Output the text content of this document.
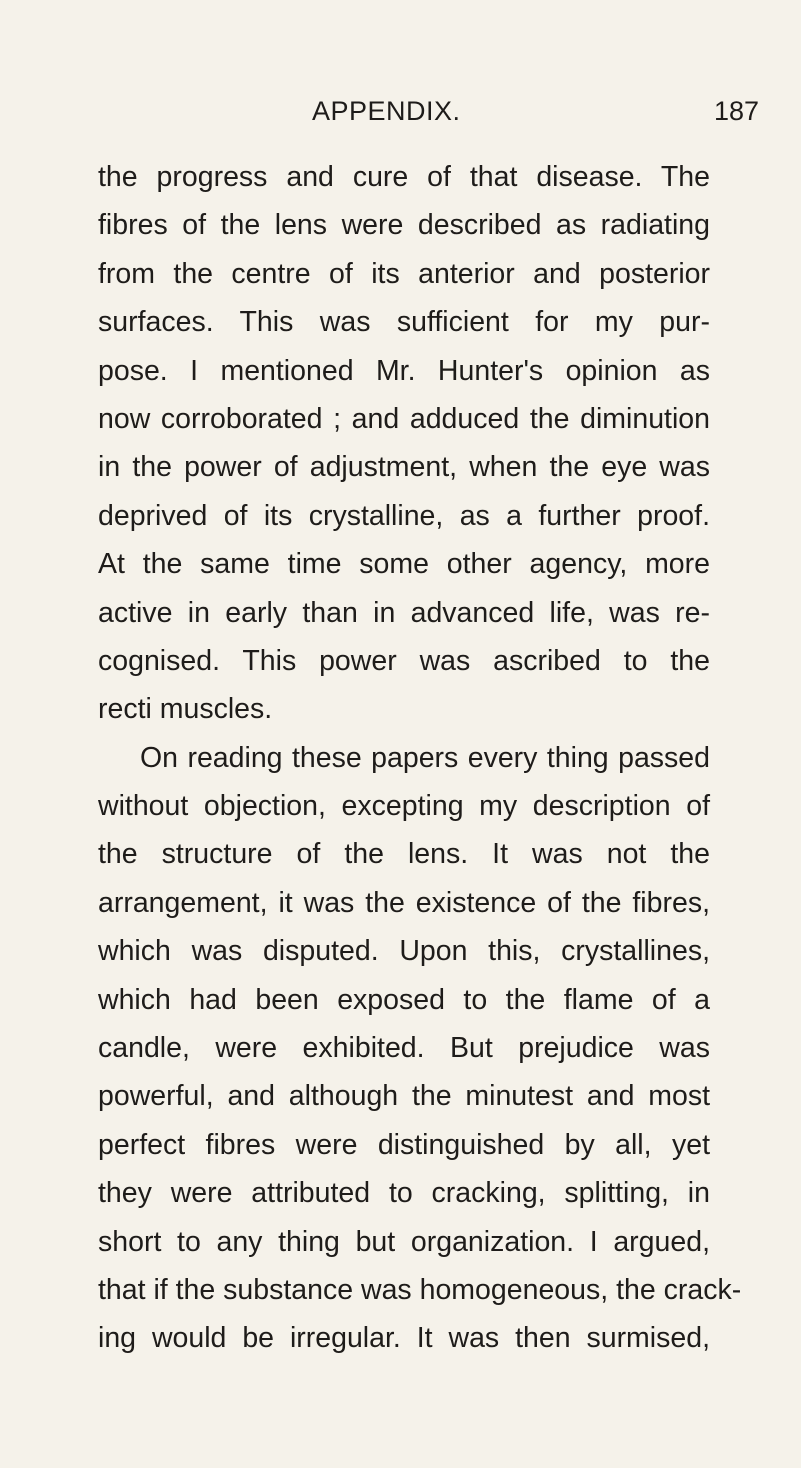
APPENDIX.	187
the progress and cure of that disease. The
fibres of the lens were described as radiating
from the centre of its anterior and posterior
surfaces. This was sufficient for my pur-
pose. I mentioned Mr. Hunter's opinion as
now corroborated ; and adduced the diminution
in the power of adjustment, when the eye was
deprived of its crystalline, as a further proof.
At the same time some other agency, more
active in early than in advanced life, was re-
cognised. This power was ascribed to the
recti muscles.
On reading these papers every thing passed
without objection, excepting my description of
the structure of the lens. It was not the
arrangement, it was the existence of the fibres,
which was disputed. Upon this, crystallines,
which had been exposed to the flame of a
candle, were exhibited. But prejudice was
powerful, and although the minutest and most
perfect fibres were distinguished by all, yet
they were attributed to cracking, splitting, in
short to any thing but organization. I argued,
that if the substance was homogeneous, the crack-
ing would be irregular. It was then surmised,
